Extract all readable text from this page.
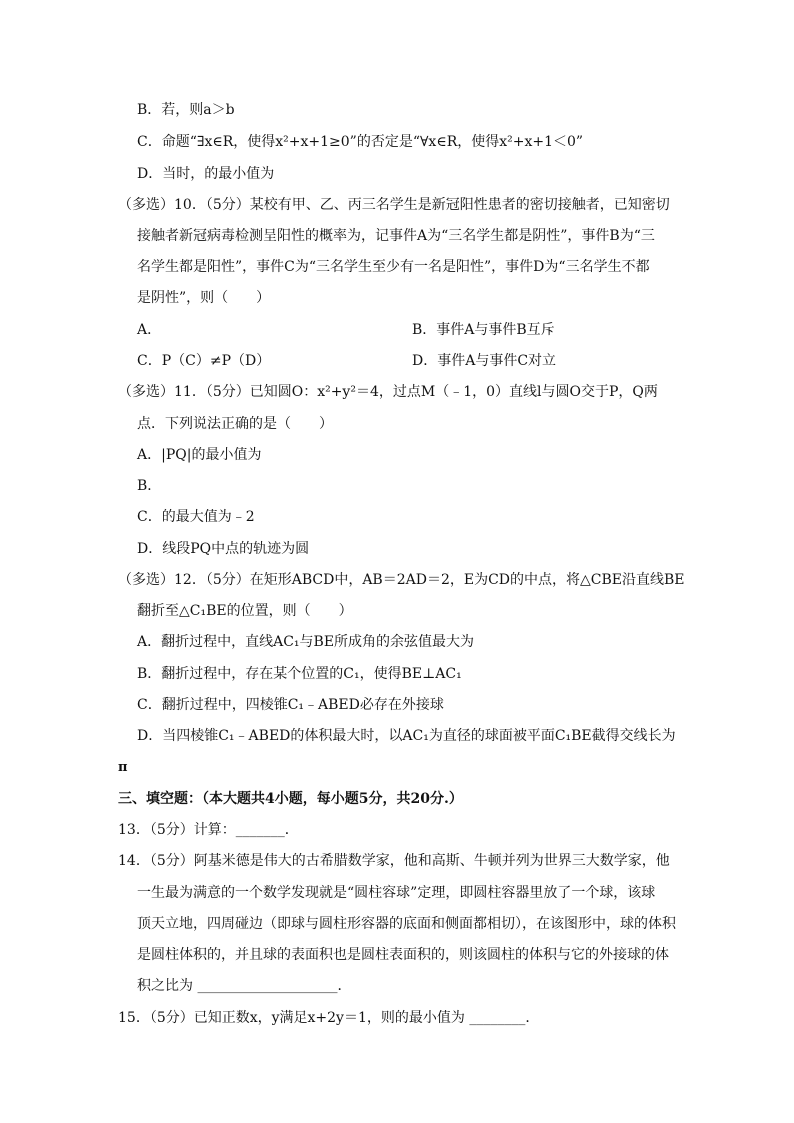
B．若，则a＞b
C．命题“∃x∈R，使得x²+x+1≥0”的否定是“∀x∈R，使得x²+x+1＜0”
D．当时，的最小值为
（多选）10．（5分）某校有甲、乙、丙三名学生是新冠阳性患者的密切接触者，已知密切
接触者新冠病毒检测呈阳性的概率为，记事件A为“三名学生都是阴性”，事件B为“三
名学生都是阳性”，事件C为“三名学生至少有一名是阳性”，事件D为“三名学生不都
是阴性”，则（　　）
A．	B．事件A与事件B互斥
C．P（C）≠P（D）	D．事件A与事件C对立
（多选）11．（5分）已知圆O：x²+y²＝4，过点M（﹣1，0）直线l与圆O交于P，Q两
点．下列说法正确的是（　　）
A．|PQ|的最小值为
B．
C．的最大值为﹣2
D．线段PQ中点的轨迹为圆
（多选）12．（5分）在矩形ABCD中，AB＝2AD＝2，E为CD的中点，将△CBE沿直线BE
翻折至△C₁BE的位置，则（　　）
A．翻折过程中，直线AC₁与BE所成角的余弦值最大为
B．翻折过程中，存在某个位置的C₁，使得BE⊥AC₁
C．翻折过程中，四棱锥C₁﹣ABED必存在外接球
D．当四棱锥C₁﹣ABED的体积最大时，以AC₁为直径的球面被平面C₁BE截得交线长为
π
三、填空题：（本大题共4小题，每小题5分，共20分.）
13．（5分）计算：_______．
14．（5分）阿基米德是伟大的古希腊数学家，他和高斯、牛顿并列为世界三大数学家，他
一生最为满意的一个数学发现就是“圆柱容球”定理，即圆柱容器里放了一个球，该球
顶天立地，四周碰边（即球与圆柱形容器的底面和侧面都相切），在该图形中，球的体积
是圆柱体积的，并且球的表面积也是圆柱表面积的，则该圆柱的体积与它的外接球的体
积之比为 ____________________．
15．（5分）已知正数x，y满足x+2y＝1，则的最小值为 ________．
